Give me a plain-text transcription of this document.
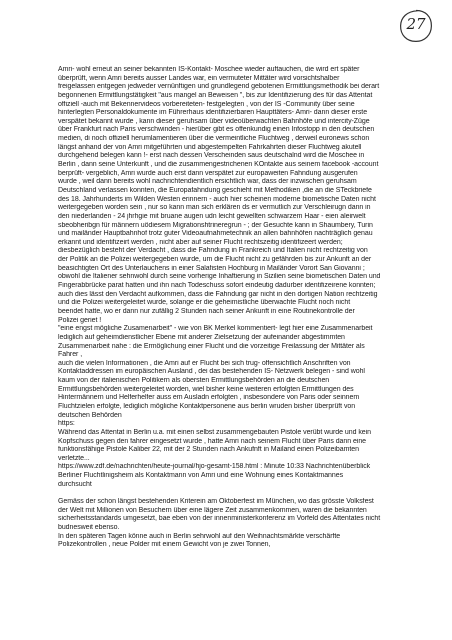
27
Amri- wohl erneut an seiner bekannten IS-Kontakt- Moschee wieder auftauchen, die wird ert später
überprüft, wenn Amri bereits ausser Landes war, ein vermuteter Mittäter wird vorsichtshalber
freigelassen entgegen jedweder vernünftigen und grundlegend gebotenen Ermittlungsmethodik bei derart
begonnenen Ermittlungstätigkeit "aus mangel an Beweisen ", bis zur Identifizierung des für das Attentat
offiziell -auch mit Bekennervideos vorbereiteten- festgelegten , von der IS -Community über seine
hinterlegten Personaldokumente im Führerhaus identifizierbaren Haupttäters- Amri- dann dieser erste
verspätet bekannt wurde , kann dieser geruhsam über videoüberwachten Bahnhöfe und intercity-Züge
über Frankfurt nach Paris verschwinden - hierüber gibt es offenkundig einen Infostopp in den deutschen
medien, di noch offiziell herumlamentieren über die vermeintliche Fluchtweg , derweil euronews schon
längst anhand der von Amri mitgeführten und abgestempelten Fahrkahrten dieser Fluchtweg akutell
durchgehend belegen kann !- erst nach dessen Verscheinden saus deutschalnd wird die Moschee in
Berlin , dann seine Unterkunft , und die zusammengestrichenen KOntakte aus seinem facebook -account
berprüft- vergeblich, Amri wurde auch erst dann verspätet zur europaweiten Fahndung ausgerufen
wurde , weil dann bereits wohl nachrichtendientlich ersichtlich war, dass der inzwischen geruhsam
Deutschland verlassen konnten, die Europafahndung geschieht mit Methodiken ,die an die STeckbriefe
des 18. Jahrhunderts im Wilden Westen erinnern - auch hier scheinen moderne biometische Daten nicht
weitergegeben worden sein , nur so kann man sich erklären ds er vermutlich zur Verschleirugn dann in
den niederlanden - 24 jhrhgie mit bruane augen udn leicht gewellten schwarzem Haar - eien aleirwelt
sbeobheribgn für männern uödiesem Migrationshtrineregrun - ; der Gesuchte kann in Shaumbery, Turin
und mailänder Hauptbahnhof trotz guter Videoaufnahmetechnik an allen bahnhöfen nachträglich genau
erkannt und identifizeirt werden , nicht aber auf seiner Flucht rechtszeitig identifizeert werden;
diesbezüglich besteht der Verdacht , dass die Fahndung in Frankreich und Italien nicht rechtzeitig von
der Politik an die Polizei weitergegeben wurde, um die Flucht nicht zu gefährden bis zur Ankunft an der
beasichtigten Ort des Unterlauchens in einer Salafisten Hochburg in Mailänder Vorort San Giovanni ;
obwohl die Italiener sehnwohl durch seine vorherige Inhaftierung in Sizilien seine biometischen Daten und
Fingerabbrücke parat hatten und ihn nach Todeschuss sofort eindeutig dadurber identifizeirene konnten;
auch dies lässt den Verdacht aufkommen, dass die Fahndung gar nicht in den dortigen Nation rechtzeitig
und die Polizei weitergeleitet wurde, solange er die geheimistliche überwachte Flucht noch nicht
beendet hatte, wo er dann nur zufällig 2 Stunden nach seiner Ankunft in eine Routinekontrolle der
Polizei geriet !
"eine engst mögliche Zusamenarbeit" - wie von BK Merkel kommentiert- legt hier eine Zusammenarbeit
lediglich auf geheimdienstlicher Ebene mit anderer Zielsetzung der aufeinander abgestimmten
Zusammenarbeit nahe : die Ermöglichung einer Flucht und die vorzeitige Freilassung der Mittäter als
Fahrer ,
auch die vielen Informationen , die Amri auf er Flucht bei sich trug- offensichtlich Anschriften von
Kontaktaddressen im europäischen Ausland , dei das bestehenden IS- Netzwerk belegen - sind wohl
kaum von der italienischen Politikern als obersten Ermittlungsbehörden an die deutschen
Ermittlungsbehörden weitergeleitet worden, wiel bisher keine weiteren erfolgten Ermittlungen des
Hintermännern und Helferhelfer auss em Ausladn erfolgten , insbesondere von Paris oder seinnem
Fluchtzielen erfolgte, lediglich mögliche Kontaktpersonene aus berlin wruden bisher überprüft von
deutschen Behörden
https:
Während das Attentat in Berlin u.a. mit einen selbst zusammengebauten Pistole verübt wurde und kein
Kopfschuss gegen den fahrer eingesetzt wurde , hatte Amri nach seinem Flucht über Paris dann eine
funktionsfähige Pistole Kaliber 22, mit der 2 Stunden nach Ankufnft in Mailand einen Polizeibamten
verletzte...
https://www.zdf.de/nachrichten/heute-journal/hjo-gesamt-158.html : Minute 10:33 Nachrichtenüberblick
Berliner Fluchtlinigsheim als Kontaktmann von Amri und eine Wohnung eines Kontaktmannes
durchsucht
Gemäss der schon längst bestehenden Kriterein am Oktoberfest im München, wo das grösste Volksfest
der Welt mit Millionen von Besuchern über eine lägere Zeit zusammenkommen, waren die bekannten
sicherheitsstandards umgesetzt, bae eben von der innenministerkonferenz im Vorfeld des Attentates nicht
budnesweit ebenso.
In den späteren Tagen könne auch in Berlin sehrwohl auf den Weihnachtsmärkte verschärfte
Polizekontrollen , neue Polder mit einem Gewicht von je zwei Tonnen,
